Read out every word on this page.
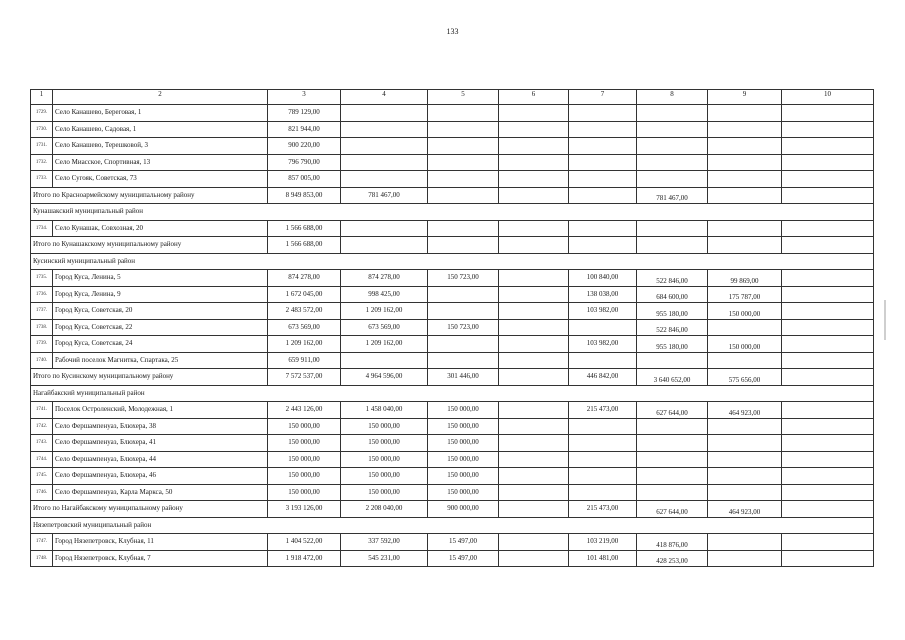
133
1	2	3	4	5	6	7	8	9	10
1729.	Село Канашево, Береговая, 1	789 129,00							
1730.	Село Канашево, Садовая, 1	821 944,00							
1731.	Село Канашево, Терешковой, 3	900 220,00							
1732.	Село Миасское, Спортивная, 13	796 790,00							
1733.	Село Сугояк, Советская, 73	857 005,00							
Итого по Красноармейскому муниципальному району		8 949 853,00	781 467,00				781 467,00		
Кунашакский муниципальный район									
1734.	Село Кунашак, Совхозная, 20	1 566 688,00							
Итого по Кунашакскому муниципальному району		1 566 688,00							
Кусинский муниципальный район									
1735.	Город Куса, Ленина, 5	874 278,00	874 278,00	150 723,00		100 840,00	522 846,00	99 869,00	
1736.	Город Куса, Ленина, 9	1 672 045,00	998 425,00			138 038,00	684 600,00	175 787,00	
1737.	Город Куса, Советская, 20	2 483 572,00	1 209 162,00			103 982,00	955 180,00	150 000,00	
1738.	Город Куса, Советская, 22	673 569,00	673 569,00	150 723,00			522 846,00		
1739.	Город Куса, Советская, 24	1 209 162,00	1 209 162,00			103 982,00	955 180,00	150 000,00	
1740.	Рабочий поселок Магнитка, Спартака, 25	659 911,00							
Итого по Кусинскому муниципальному району		7 572 537,00	4 964 596,00	301 446,00		446 842,00	3 640 652,00	575 656,00	
Нагайбакский муниципальный район									
1741.	Поселок Остроленский, Молодежная, 1	2 443 126,00	1 458 040,00	150 000,00		215 473,00	627 644,00	464 923,00	
1742.	Село Фершампенуаз, Блюхера, 38	150 000,00	150 000,00	150 000,00					
1743.	Село Фершампенуаз, Блюхера, 41	150 000,00	150 000,00	150 000,00					
1744.	Село Фершампенуаз, Блюхера, 44	150 000,00	150 000,00	150 000,00					
1745.	Село Фершампенуаз, Блюхера, 46	150 000,00	150 000,00	150 000,00					
1746.	Село Фершампенуаз, Карла Маркса, 50	150 000,00	150 000,00	150 000,00					
Итого по Нагайбакскому муниципальному району		3 193 126,00	2 208 040,00	900 000,00		215 473,00	627 644,00	464 923,00	
Нязепетровский муниципальный район									
1747.	Город Нязепетровск, Клубная, 11	1 404 522,00	337 592,00	15 497,00		103 219,00	418 876,00		
1748.	Город Нязепетровск, Клубная, 7	1 918 472,00	545 231,00	15 497,00		101 481,00	428 253,00		
